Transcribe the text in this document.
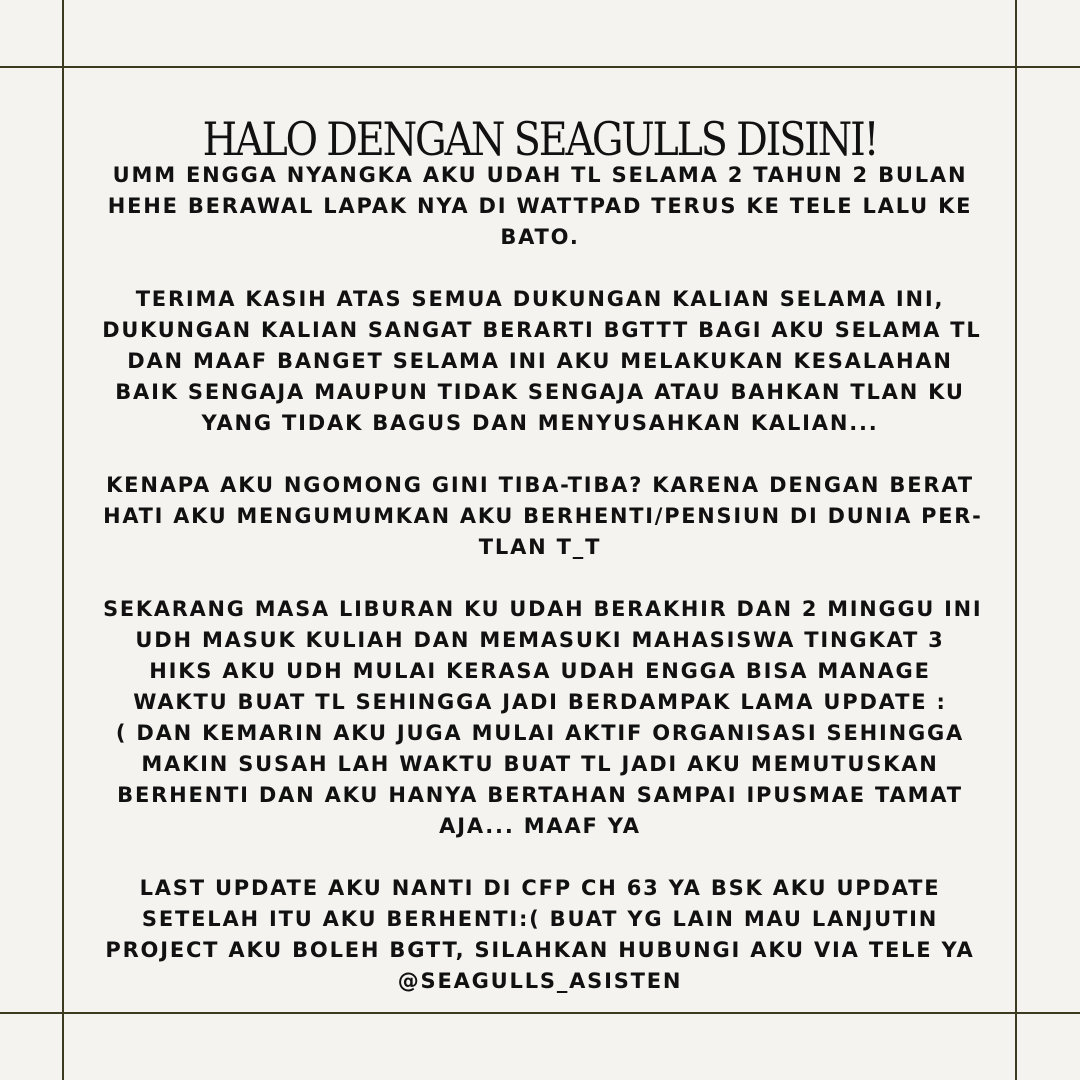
HALO DENGAN SEAGULLS DISINI!

UMM ENGGA NYANGKA AKU UDAH TL SELAMA 2 TAHUN 2 BULAN
HEHE BERAWAL LAPAK NYA DI WATTPAD TERUS KE TELE LALU KE
BATO.

TERIMA KASIH ATAS SEMUA DUKUNGAN KALIAN SELAMA INI,
DUKUNGAN KALIAN SANGAT BERARTI BGTTT BAGI AKU SELAMA TL
DAN MAAF BANGET SELAMA INI AKU MELAKUKAN KESALAHAN
BAIK SENGAJA MAUPUN TIDAK SENGAJA ATAU BAHKAN TLAN KU
YANG TIDAK BAGUS DAN MENYUSAHKAN KALIAN...

KENAPA AKU NGOMONG GINI TIBA-TIBA? KARENA DENGAN BERAT
HATI AKU MENGUMUMKAN AKU BERHENTI/PENSIUN DI DUNIA PER-
TLAN T_T

SEKARANG MASA LIBURAN KU UDAH BERAKHIR DAN 2 MINGGU INI
UDH MASUK KULIAH DAN MEMASUKI MAHASISWA TINGKAT 3
HIKS AKU UDH MULAI KERASA UDAH ENGGA BISA MANAGE
WAKTU BUAT TL SEHINGGA JADI BERDAMPAK LAMA UPDATE :
( DAN KEMARIN AKU JUGA MULAI AKTIF ORGANISASI SEHINGGA
MAKIN SUSAH LAH WAKTU BUAT TL JADI AKU MEMUTUSKAN
BERHENTI DAN AKU HANYA BERTAHAN SAMPAI IPUSMAE TAMAT
AJA... MAAF YA

LAST UPDATE AKU NANTI DI CFP CH 63 YA BSK AKU UPDATE
SETELAH ITU AKU BERHENTI:( BUAT YG LAIN MAU LANJUTIN
PROJECT AKU BOLEH BGTT, SILAHKAN HUBUNGI AKU VIA TELE YA
@SEAGULLS_ASISTEN
